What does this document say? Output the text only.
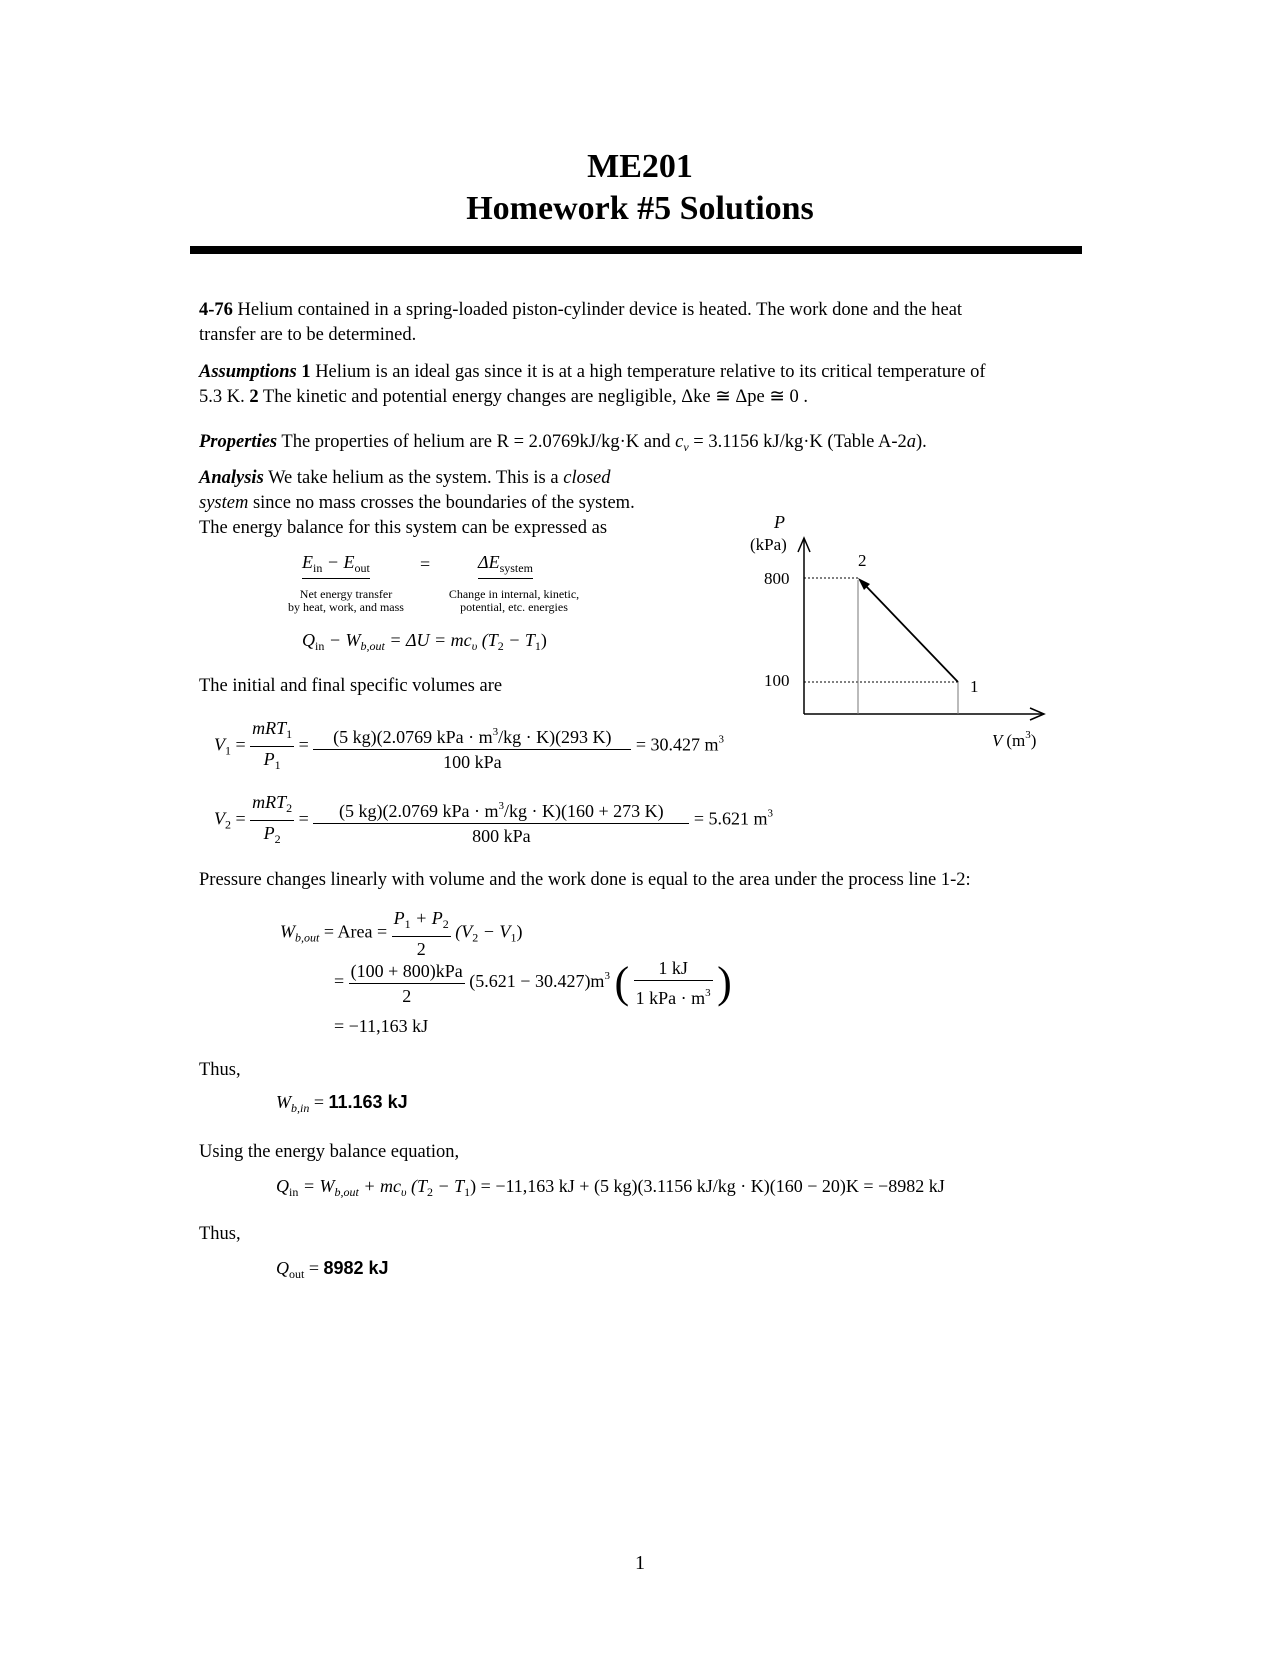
ME201
Homework #5 Solutions
4-76 Helium contained in a spring-loaded piston-cylinder device is heated. The work done and the heat
transfer are to be determined.
Assumptions 1 Helium is an ideal gas since it is at a high temperature relative to its critical temperature of
5.3 K. 2 The kinetic and potential energy changes are negligible, Δke ≅ Δpe ≅ 0 .
Properties The properties of helium are R = 2.0769kJ/kg·K and $c_v = 3.1156$ kJ/kg·K (Table A-2a).
Analysis We take helium as the system. This is a closed
system since no mass crosses the boundaries of the system.
The energy balance for this system can be expressed as
$E_{in} - E_{out}$	=	$\Delta E_{system}$
Net energy transfer
by heat, work, and mass
Change in internal, kinetic,
potential, etc. energies
$Q_{in} - W_{b,out} = \Delta U = mc_\upsilon$ $(T_2 - T_1)$
The initial and final specific volumes are
$V_1 = \frac{mRT_1}{P_1} = \frac{(5 kg)(2.0769 kPa \cdot m^3/kg \cdot K)(293 K)}{\text{100 kPa}} = 30.427$ $m^3$
$V_2 = \frac{mRT_2}{P_2} = \frac{(5 kg)(2.0769 kPa \cdot m^3/kg \cdot K)(160 + 273 K)}{\text{800 kPa}} = 5.621$ $m^3$
Pressure changes linearly with volume and the work done is equal to the area under the process line 1-2:
$W_{b,out}$ = Area = $\frac{P_1 + P_2}{2} (V_2 - V_1)$
= $\frac{\text{(100 + 800)kPa}}{2} (5.621 - 30.427)m^3$ ( $\frac{1 kJ}{1 kPa \cdot m^3}$ )
= −11,163 kJ
Thus,
$W_{b,in} = 11.163$ kJ
Using the energy balance equation,
$Q_{in} = W_{b,out} + mc_\upsilon$ $(T_2 - T_1) = -11,163$ kJ + (5 kg)(3.1156 kJ/kg · K)(160 − 20)K = −8982 kJ
Thus,
$Q_{out} = 8982$ kJ
P
(kPa)
800
100
2
1
V $(m^3)$
1
